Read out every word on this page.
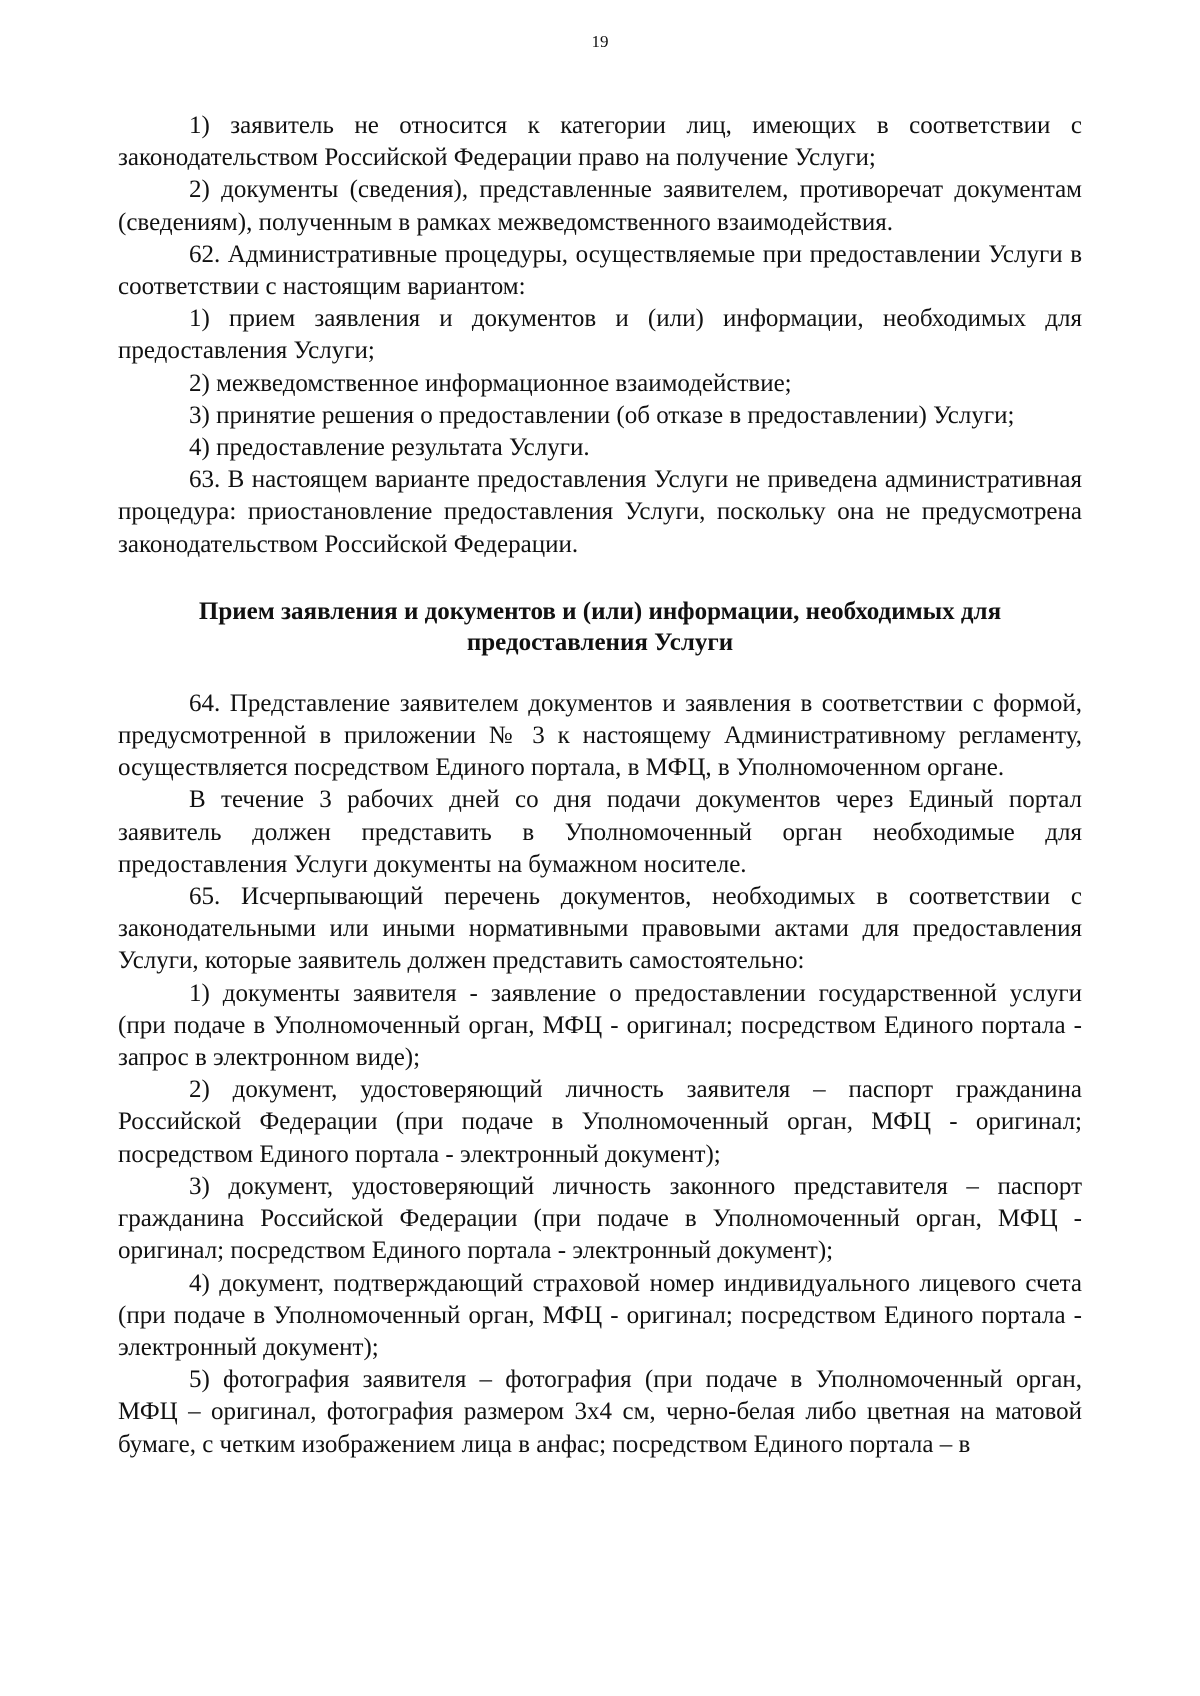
19

1) заявитель не относится к категории лиц, имеющих в соответствии с законодательством Российской Федерации право на получение Услуги;

2) документы (сведения), представленные заявителем, противоречат документам (сведениям), полученным в рамках межведомственного взаимодействия.

62. Административные процедуры, осуществляемые при предоставлении Услуги в соответствии с настоящим вариантом:

1) прием заявления и документов и (или) информации, необходимых для предоставления Услуги;

2) межведомственное информационное взаимодействие;

3) принятие решения о предоставлении (об отказе в предоставлении) Услуги;

4) предоставление результата Услуги.

63. В настоящем варианте предоставления Услуги не приведена административная процедура: приостановление предоставления Услуги, поскольку она не предусмотрена законодательством Российской Федерации.

Прием заявления и документов и (или) информации, необходимых для
предоставления Услуги

64. Представление заявителем документов и заявления в соответствии с формой, предусмотренной в приложении № 3 к настоящему Административному регламенту, осуществляется посредством Единого портала, в МФЦ, в Уполномоченном органе.

В течение 3 рабочих дней со дня подачи документов через Единый портал заявитель должен представить в Уполномоченный орган необходимые для предоставления Услуги документы на бумажном носителе.

65. Исчерпывающий перечень документов, необходимых в соответствии с законодательными или иными нормативными правовыми актами для предоставления Услуги, которые заявитель должен представить самостоятельно:

1) документы заявителя - заявление о предоставлении государственной услуги (при подаче в Уполномоченный орган, МФЦ - оригинал; посредством Единого портала - запрос в электронном виде);

2) документ, удостоверяющий личность заявителя – паспорт гражданина Российской Федерации (при подаче в Уполномоченный орган, МФЦ - оригинал; посредством Единого портала - электронный документ);

3) документ, удостоверяющий личность законного представителя – паспорт гражданина Российской Федерации (при подаче в Уполномоченный орган, МФЦ - оригинал; посредством Единого портала - электронный документ);

4) документ, подтверждающий страховой номер индивидуального лицевого счета (при подаче в Уполномоченный орган, МФЦ - оригинал; посредством Единого портала - электронный документ);

5) фотография заявителя – фотография (при подаче в Уполномоченный орган, МФЦ – оригинал, фотография размером 3х4 см, черно-белая либо цветная на матовой бумаге, с четким изображением лица в анфас; посредством Единого портала – в
